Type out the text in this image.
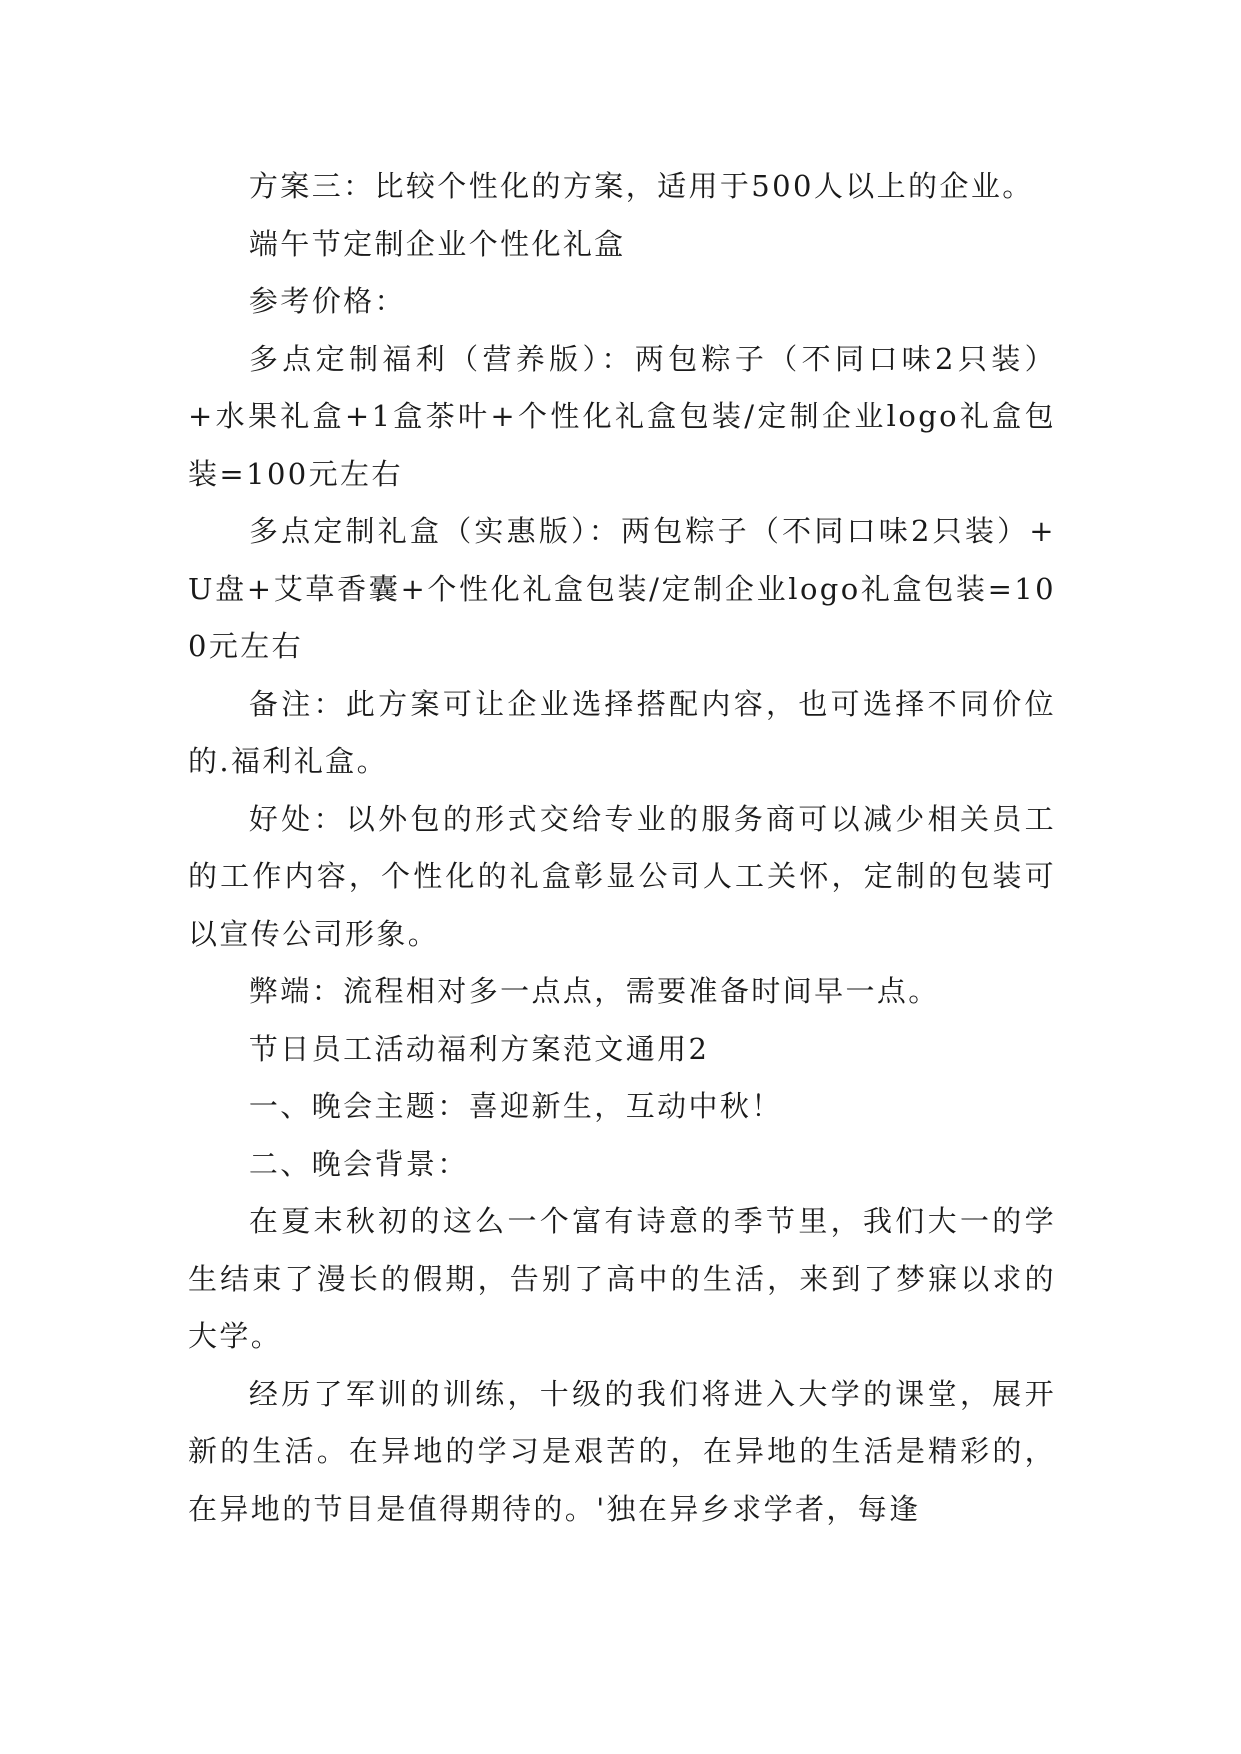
方案三：比较个性化的方案，适用于500人以上的企业。

端午节定制企业个性化礼盒

参考价格：

多点定制福利（营养版）：两包粽子（不同口味2只装）+水果礼盒+1盒茶叶+个性化礼盒包装/定制企业logo礼盒包装=100元左右

多点定制礼盒（实惠版）：两包粽子（不同口味2只装）+U盘+艾草香囊+个性化礼盒包装/定制企业logo礼盒包装=100元左右

备注：此方案可让企业选择搭配内容，也可选择不同价位的.福利礼盒。

好处：以外包的形式交给专业的服务商可以减少相关员工的工作内容，个性化的礼盒彰显公司人工关怀，定制的包装可以宣传公司形象。

弊端：流程相对多一点点，需要准备时间早一点。

节日员工活动福利方案范文通用2

一、晚会主题：喜迎新生，互动中秋！

二、晚会背景：

在夏末秋初的这么一个富有诗意的季节里，我们大一的学生结束了漫长的假期，告别了高中的生活，来到了梦寐以求的大学。

经历了军训的训练，十级的我们将进入大学的课堂，展开新的生活。在异地的学习是艰苦的，在异地的生活是精彩的，在异地的节目是值得期待的。'独在异乡求学者，每逢
